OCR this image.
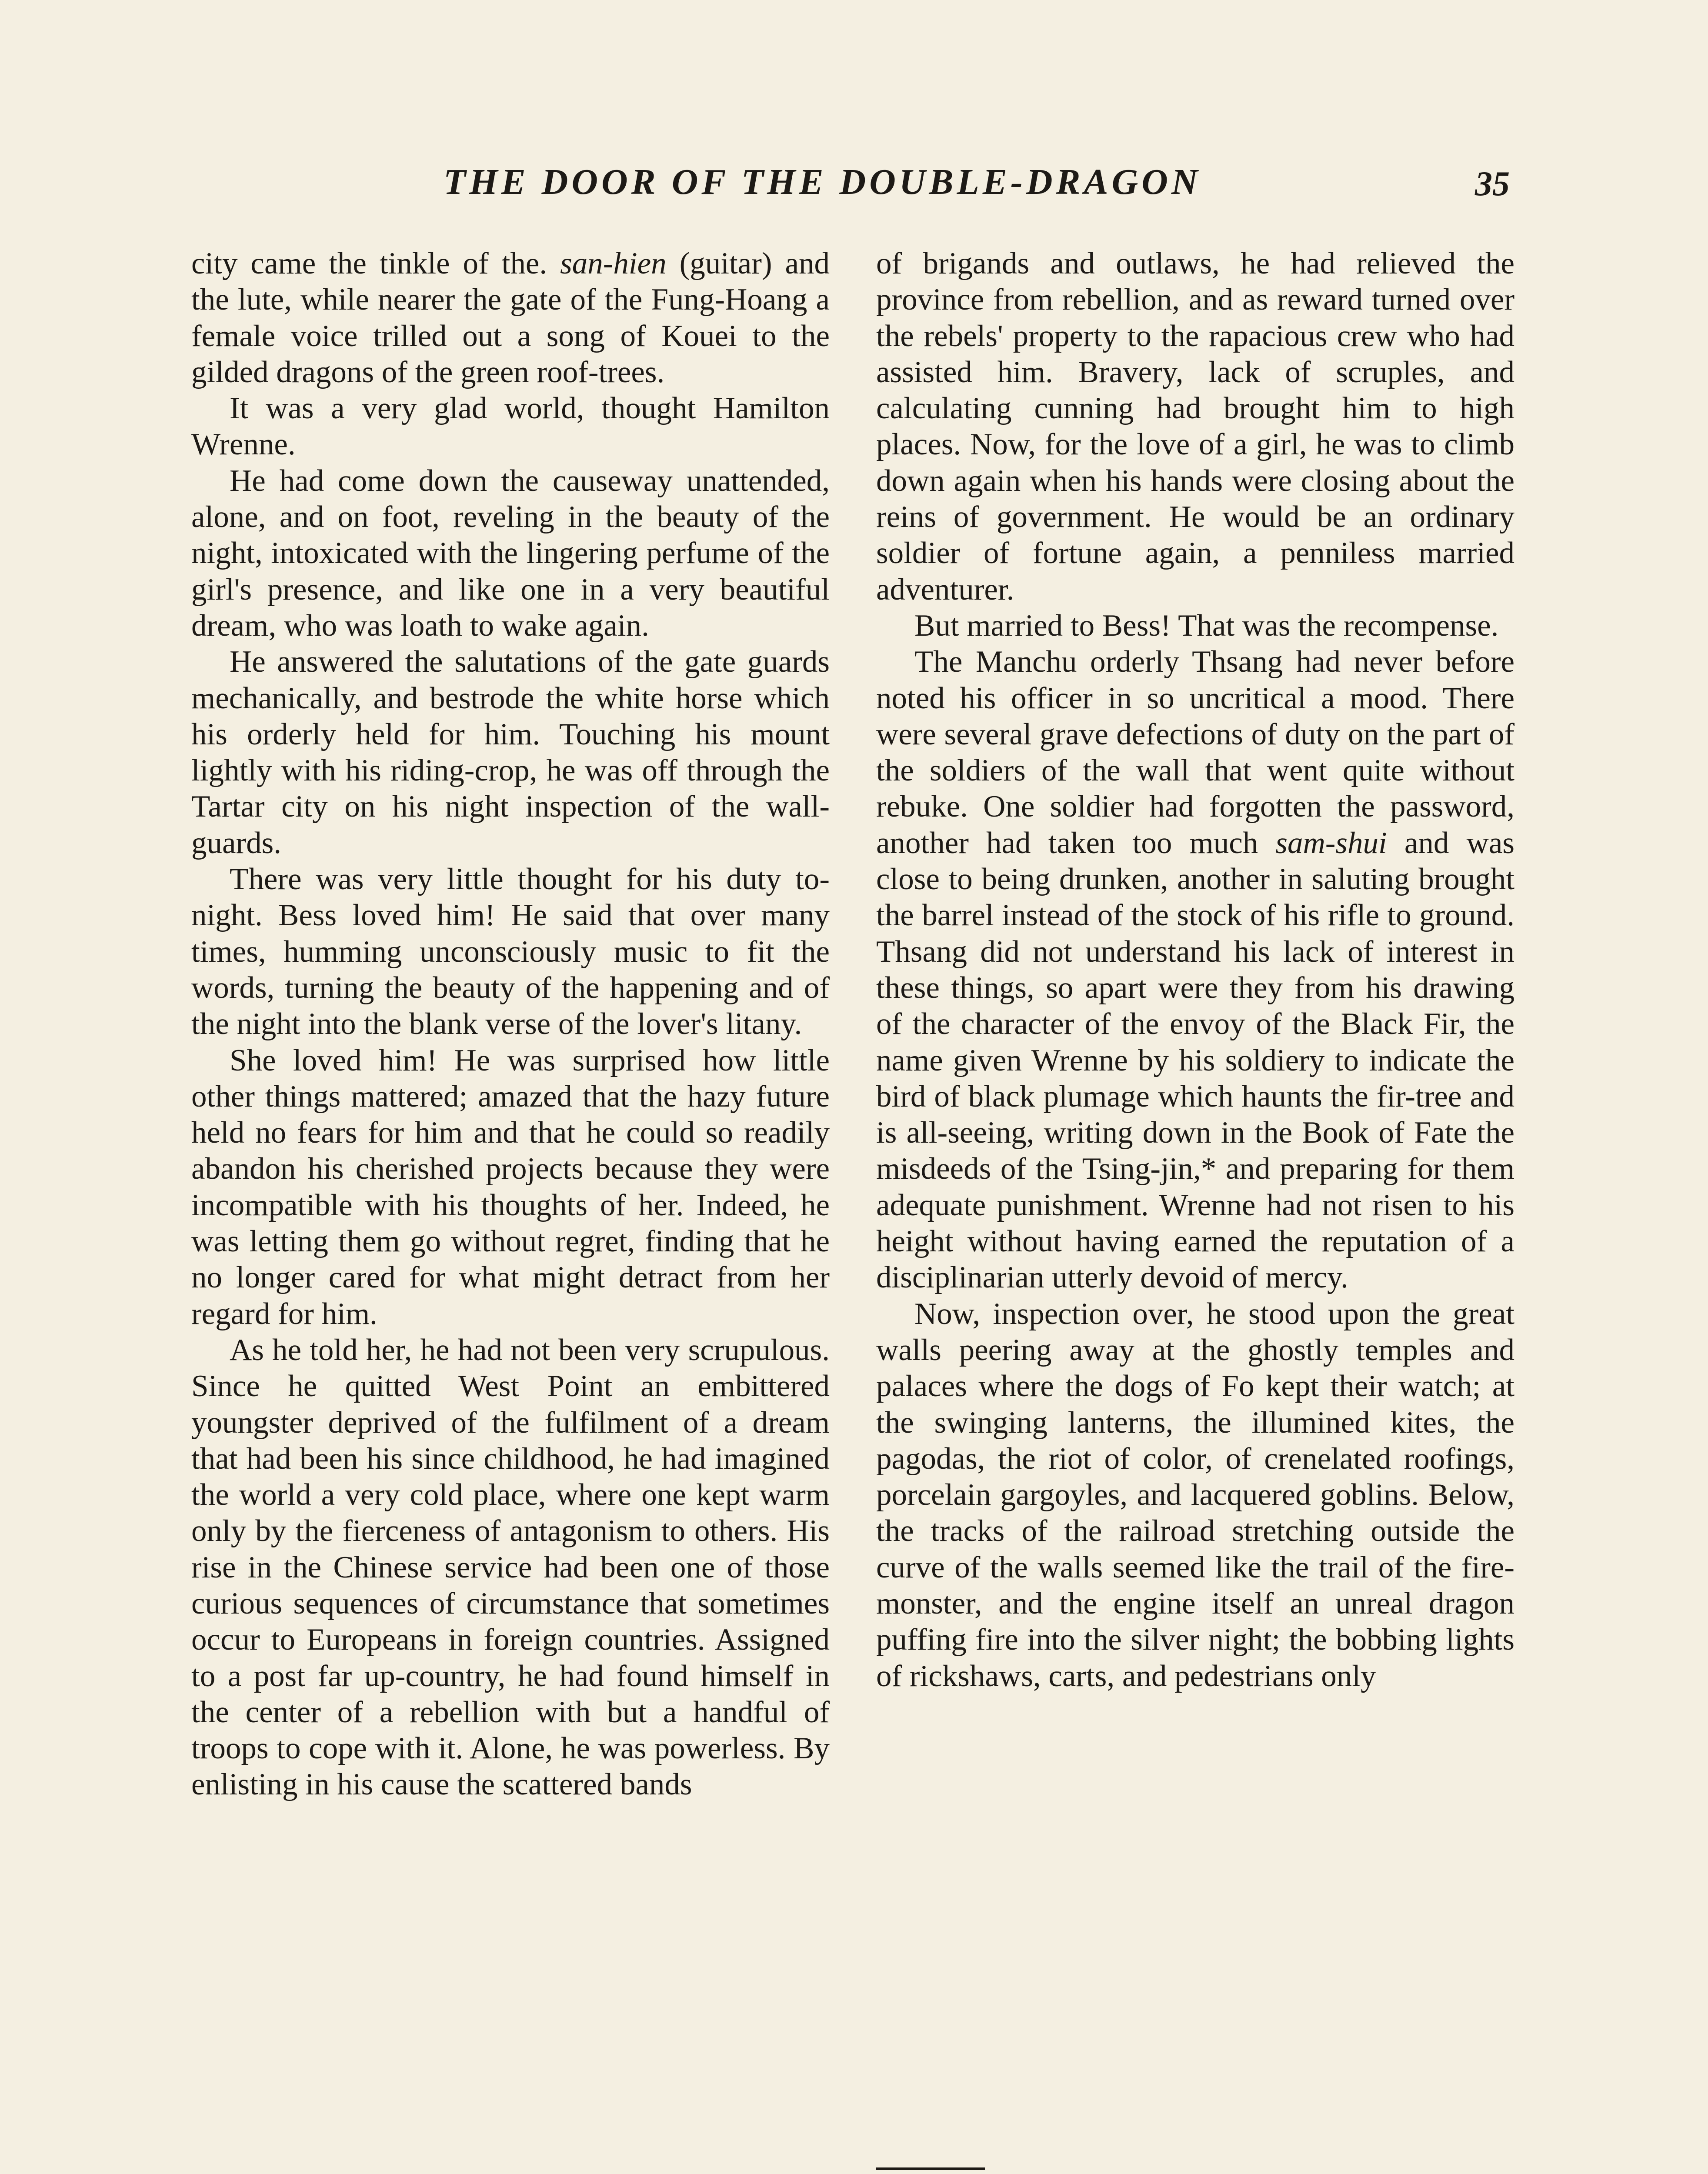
THE DOOR OF THE DOUBLE-DRAGON	35

city came the tinkle of the. san-hien (guitar) and the lute, while nearer the gate of the Fung-Hoang a female voice trilled out a song of Kouei to the gilded dragons of the green roof-trees.

It was a very glad world, thought Hamilton Wrenne.

He had come down the causeway unattended, alone, and on foot, reveling in the beauty of the night, intoxicated with the lingering perfume of the girl's presence, and like one in a very beautiful dream, who was loath to wake again.

He answered the salutations of the gate guards mechanically, and bestrode the white horse which his orderly held for him. Touching his mount lightly with his riding-crop, he was off through the Tartar city on his night inspection of the wall-guards.

There was very little thought for his duty to-night. Bess loved him! He said that over many times, humming unconsciously music to fit the words, turning the beauty of the happening and of the night into the blank verse of the lover's litany.

She loved him! He was surprised how little other things mattered; amazed that the hazy future held no fears for him and that he could so readily abandon his cherished projects because they were incompatible with his thoughts of her. Indeed, he was letting them go without regret, finding that he no longer cared for what might detract from her regard for him.

As he told her, he had not been very scrupulous. Since he quitted West Point an embittered youngster deprived of the fulfilment of a dream that had been his since childhood, he had imagined the world a very cold place, where one kept warm only by the fierceness of antagonism to others. His rise in the Chinese service had been one of those curious sequences of circumstance that sometimes occur to Europeans in foreign countries. Assigned to a post far up-country, he had found himself in the center of a rebellion with but a handful of troops to cope with it. Alone, he was powerless. By enlisting in his cause the scattered bands

of brigands and outlaws, he had relieved the province from rebellion, and as reward turned over the rebels' property to the rapacious crew who had assisted him. Bravery, lack of scruples, and calculating cunning had brought him to high places. Now, for the love of a girl, he was to climb down again when his hands were closing about the reins of government. He would be an ordinary soldier of fortune again, a penniless married adventurer.

But married to Bess! That was the recompense.

The Manchu orderly Thsang had never before noted his officer in so uncritical a mood. There were several grave defections of duty on the part of the soldiers of the wall that went quite without rebuke. One soldier had forgotten the password, another had taken too much sam-shui and was close to being drunken, another in saluting brought the barrel instead of the stock of his rifle to ground. Thsang did not understand his lack of interest in these things, so apart were they from his drawing of the character of the envoy of the Black Fir, the name given Wrenne by his soldiery to indicate the bird of black plumage which haunts the fir-tree and is all-seeing, writing down in the Book of Fate the misdeeds of the Tsing-jin,* and preparing for them adequate punishment. Wrenne had not risen to his height without having earned the reputation of a disciplinarian utterly devoid of mercy.

Now, inspection over, he stood upon the great walls peering away at the ghostly temples and palaces where the dogs of Fo kept their watch; at the swinging lanterns, the illumined kites, the pagodas, the riot of color, of crenelated roofings, porcelain gargoyles, and lacquered goblins. Below, the tracks of the railroad stretching outside the curve of the walls seemed like the trail of the fire-monster, and the engine itself an unreal dragon puffing fire into the silver night; the bobbing lights of rickshaws, carts, and pedestrians only
